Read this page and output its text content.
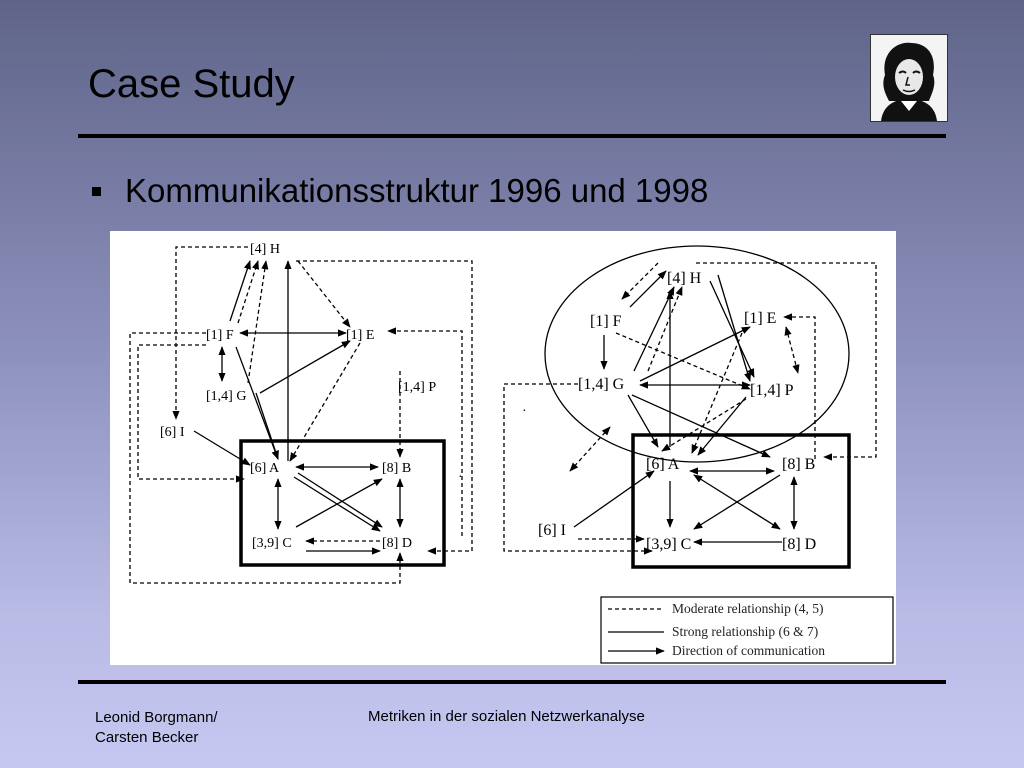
Case Study
Kommunikationsstruktur 1996 und 1998
·
·
[4] H
[1] F	[1] E
[1,4] G
[1,4] P
[6] I
[6] A	[8] B
[3,9] C	[8] D
[4] H
[1] F	[1] E
[1,4] G	[1,4] P
[6] I
[6] A	[8] B
[3,9] C	[8] D
Moderate relationship (4, 5)
Strong relationship (6 & 7)
Direction of communication
Leonid Borgmann/
Carsten Becker
Metriken in der sozialen Netzwerkanalyse
